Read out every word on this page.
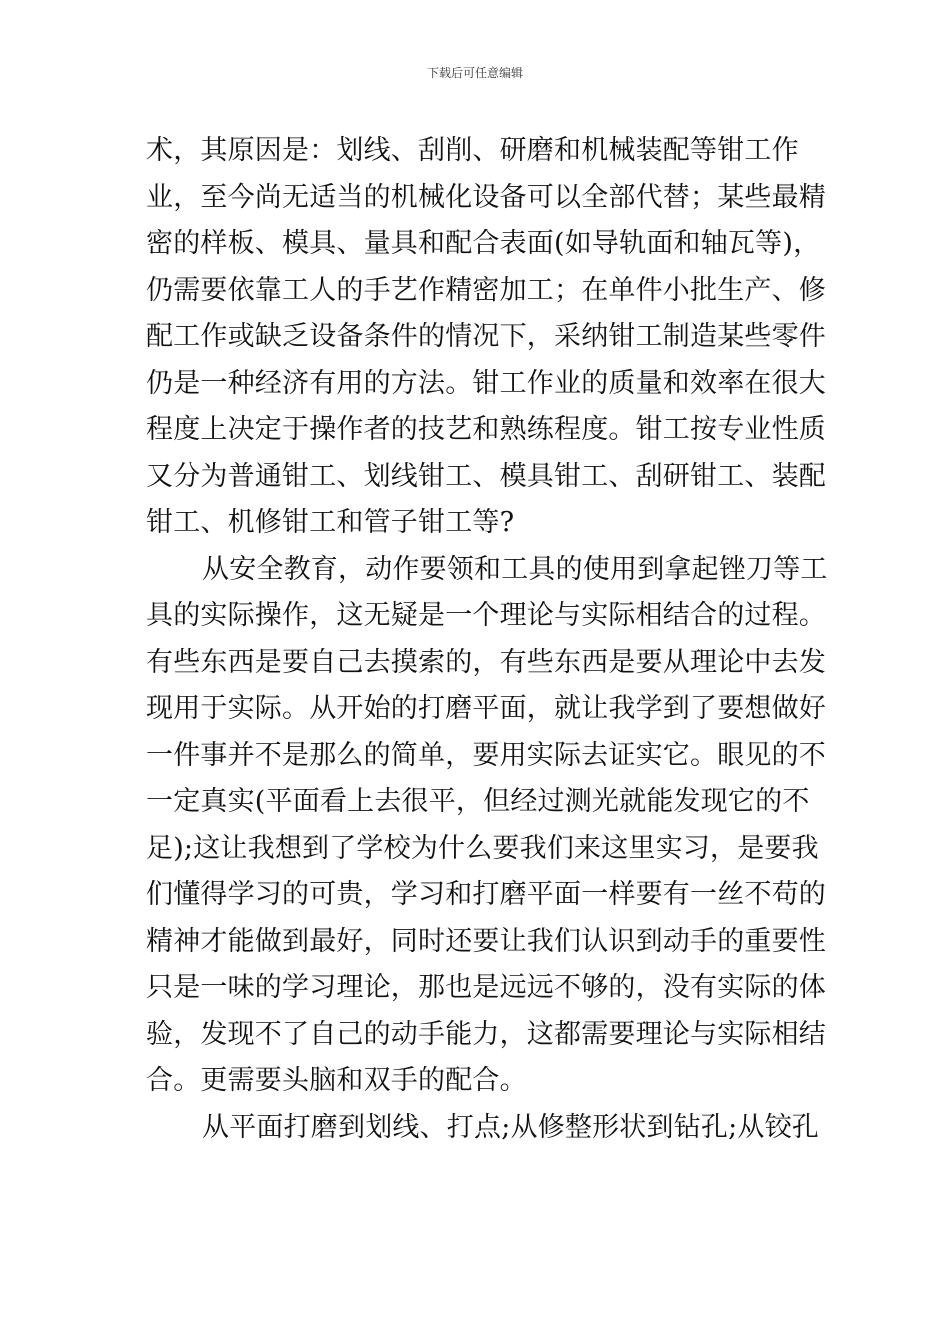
下载后可任意编辑
术，其原因是：划线、刮削、研磨和机械装配等钳工作
业，至今尚无适当的机械化设备可以全部代替；某些最精
密的样板、模具、量具和配合表面(如导轨面和轴瓦等)，
仍需要依靠工人的手艺作精密加工；在单件小批生产、修
配工作或缺乏设备条件的情况下，采纳钳工制造某些零件
仍是一种经济有用的方法。钳工作业的质量和效率在很大
程度上决定于操作者的技艺和熟练程度。钳工按专业性质
又分为普通钳工、划线钳工、模具钳工、刮研钳工、装配
钳工、机修钳工和管子钳工等?
从安全教育，动作要领和工具的使用到拿起锉刀等工
具的实际操作，这无疑是一个理论与实际相结合的过程。
有些东西是要自己去摸索的，有些东西是要从理论中去发
现用于实际。从开始的打磨平面，就让我学到了要想做好
一件事并不是那么的简单，要用实际去证实它。眼见的不
一定真实(平面看上去很平，但经过测光就能发现它的不
足);这让我想到了学校为什么要我们来这里实习，是要我
们懂得学习的可贵，学习和打磨平面一样要有一丝不苟的
精神才能做到最好，同时还要让我们认识到动手的重要性
只是一味的学习理论，那也是远远不够的，没有实际的体
验，发现不了自己的动手能力，这都需要理论与实际相结
合。更需要头脑和双手的配合。
从平面打磨到划线、打点;从修整形状到钻孔;从铰孔
